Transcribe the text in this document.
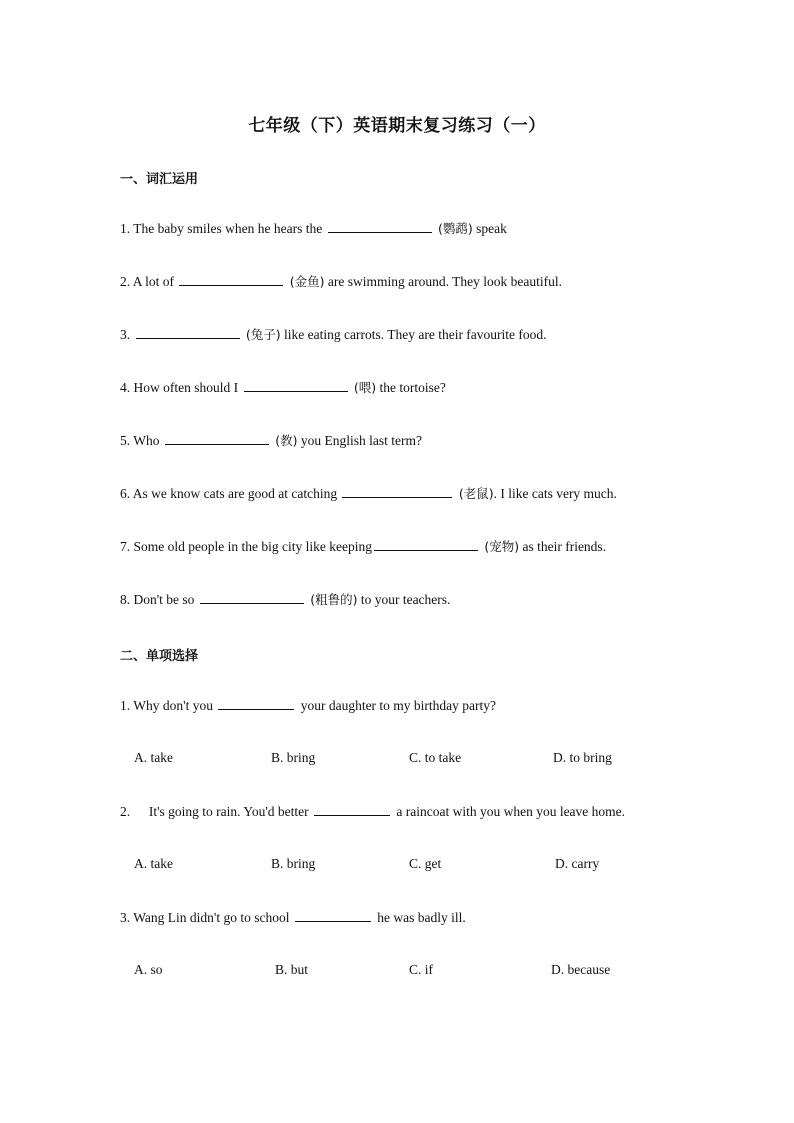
七年级（下）英语期末复习练习（一）
一、词汇运用
1. The baby smiles when he hears the	(鹦鹉) speak
2. A lot of	(金鱼) are swimming around. They look beautiful.
3.	(兔子) like eating carrots. They are their favourite food.
4. How often should I	(喂) the tortoise?
5. Who	(教) you English last term?
6. As we know cats are good at catching	(老鼠). I like cats very much.
7. Some old people in the big city like keeping	(宠物) as their friends.
8. Don't be so	(粗鲁的) to your teachers.
二、单项选择
1. Why don't you	your daughter to my birthday party?
A. take	B. bring	C. to take	D. to bring
2. It's going to rain. You'd better	a raincoat with you when you leave home.
A. take	B. bring	C. get	D. carry
3. Wang Lin didn't go to school	he was badly ill.
A. so	B. but	C. if	D. because
